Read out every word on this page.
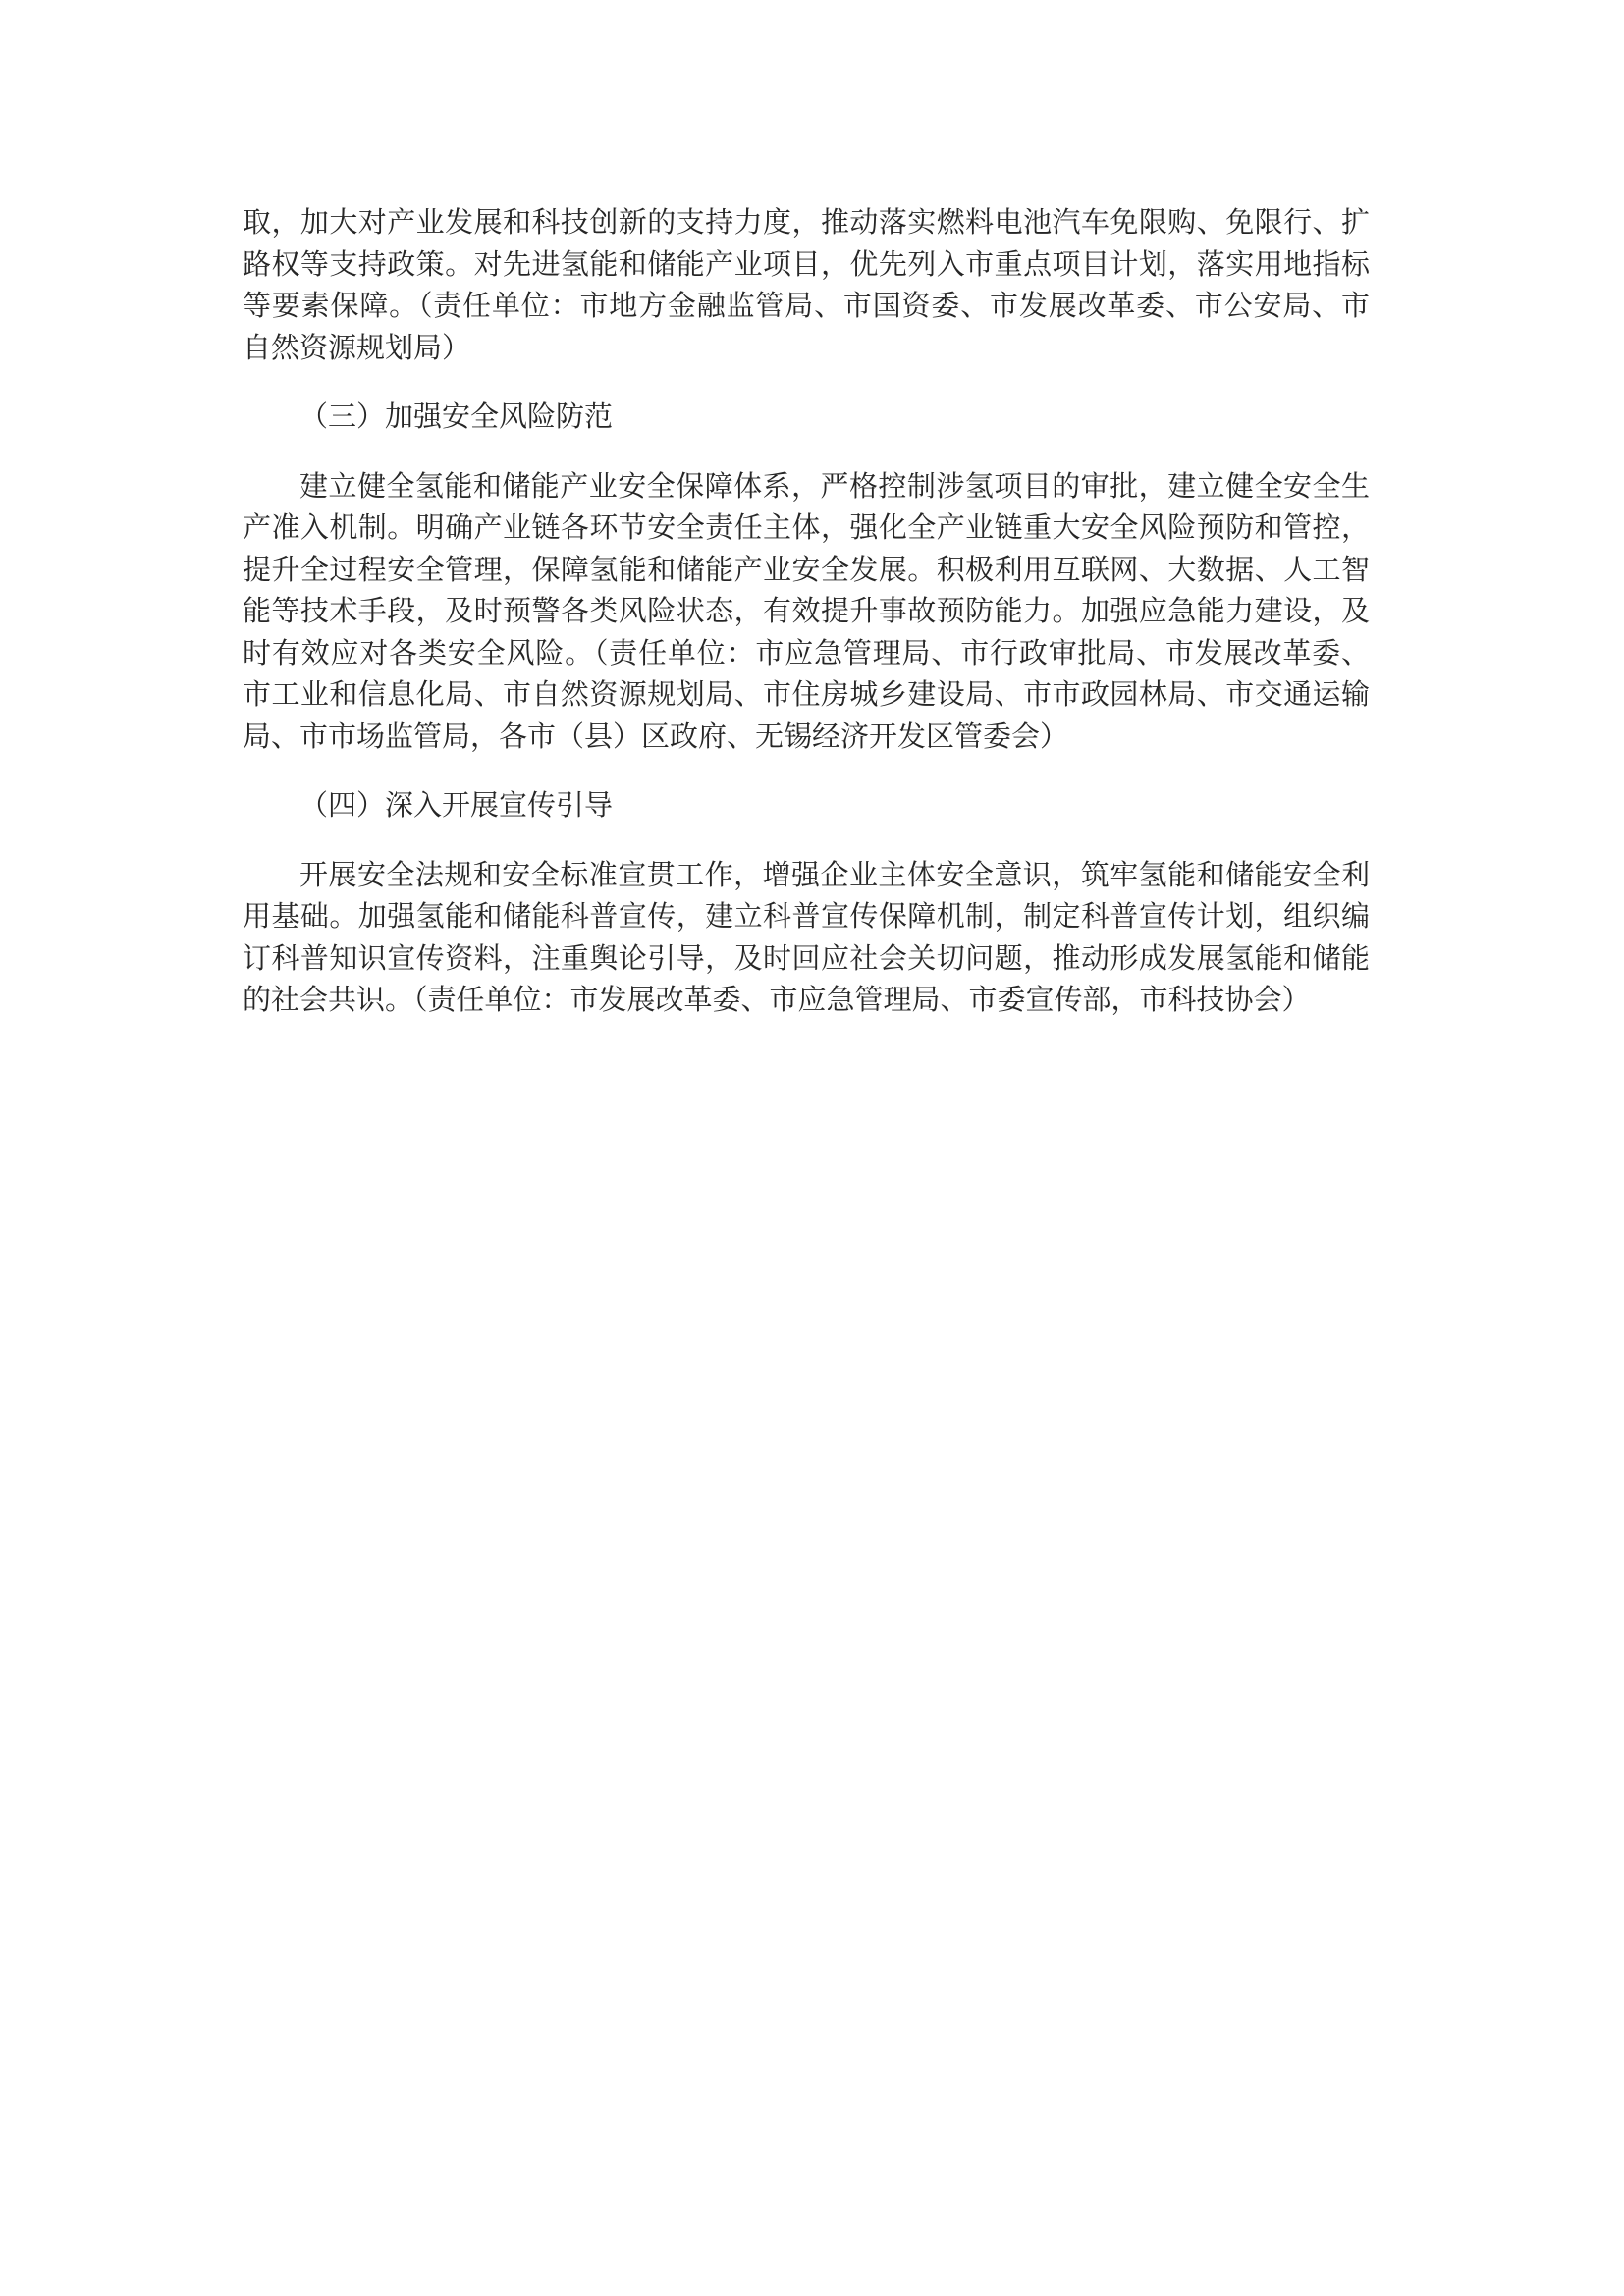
取，加大对产业发展和科技创新的支持力度，推动落实燃料电池汽车免限购、免限行、扩
路权等支持政策。对先进氢能和储能产业项目，优先列入市重点项目计划，落实用地指标
等要素保障。（责任单位：市地方金融监管局、市国资委、市发展改革委、市公安局、市
自然资源规划局）
（三）加强安全风险防范
建立健全氢能和储能产业安全保障体系，严格控制涉氢项目的审批，建立健全安全生
产准入机制。明确产业链各环节安全责任主体，强化全产业链重大安全风险预防和管控，
提升全过程安全管理，保障氢能和储能产业安全发展。积极利用互联网、大数据、人工智
能等技术手段，及时预警各类风险状态，有效提升事故预防能力。加强应急能力建设，及
时有效应对各类安全风险。（责任单位：市应急管理局、市行政审批局、市发展改革委、
市工业和信息化局、市自然资源规划局、市住房城乡建设局、市市政园林局、市交通运输
局、市市场监管局，各市（县）区政府、无锡经济开发区管委会）
（四）深入开展宣传引导
开展安全法规和安全标准宣贯工作，增强企业主体安全意识，筑牢氢能和储能安全利
用基础。加强氢能和储能科普宣传，建立科普宣传保障机制，制定科普宣传计划，组织编
订科普知识宣传资料，注重舆论引导，及时回应社会关切问题，推动形成发展氢能和储能
的社会共识。（责任单位：市发展改革委、市应急管理局、市委宣传部，市科技协会）
